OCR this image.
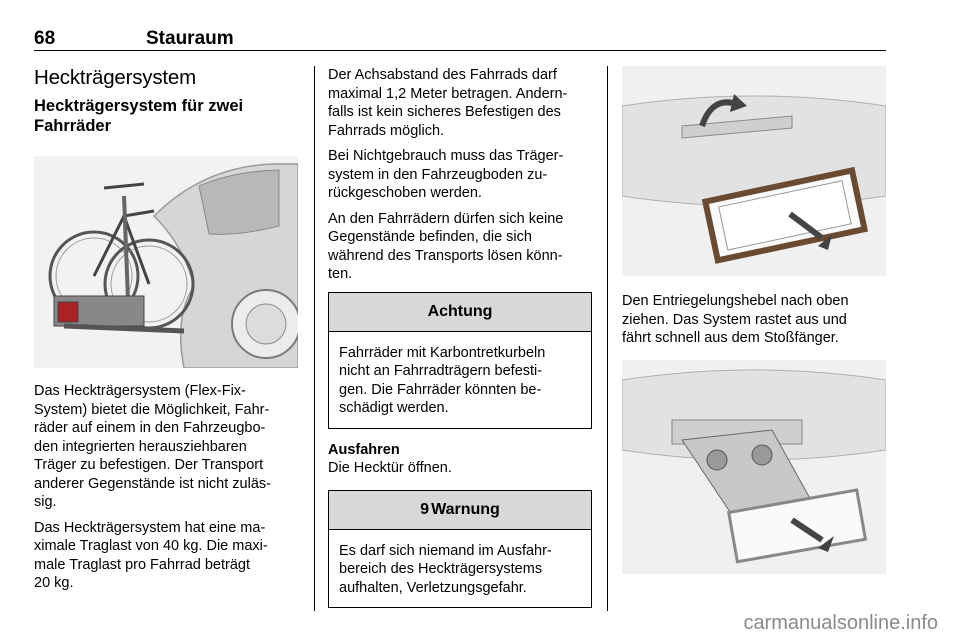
68	Stauraum
Heckträgersystem
Heckträgersystem für zwei
Fahrräder

Das Heckträgersystem (Flex-Fix-
System) bietet die Möglichkeit, Fahr-
räder auf einem in den Fahrzeugbo-
den integrierten herausziehbaren
Träger zu befestigen. Der Transport
anderer Gegenstände ist nicht zuläs-
sig.

Das Heckträgersystem hat eine ma-
ximale Traglast von 40 kg. Die maxi-
male Traglast pro Fahrrad beträgt
20 kg.

Der Achsabstand des Fahrrads darf
maximal 1,2 Meter betragen. Andern-
falls ist kein sicheres Befestigen des
Fahrrads möglich.

Bei Nichtgebrauch muss das Träger-
system in den Fahrzeugboden zu-
rückgeschoben werden.

An den Fahrrädern dürfen sich keine
Gegenstände befinden, die sich
während des Transports lösen könn-
ten.

Achtung
Fahrräder mit Karbontretkurbeln
nicht an Fahrradträgern befesti-
gen. Die Fahrräder könnten be-
schädigt werden.

Ausfahren
Die Hecktür öffnen.

9 Warnung
Es darf sich niemand im Ausfahr-
bereich des Heckträgersystems
aufhalten, Verletzungsgefahr.

Den Entriegelungshebel nach oben
ziehen. Das System rastet aus und
fährt schnell aus dem Stoßfänger.

carmanualsonline.info
